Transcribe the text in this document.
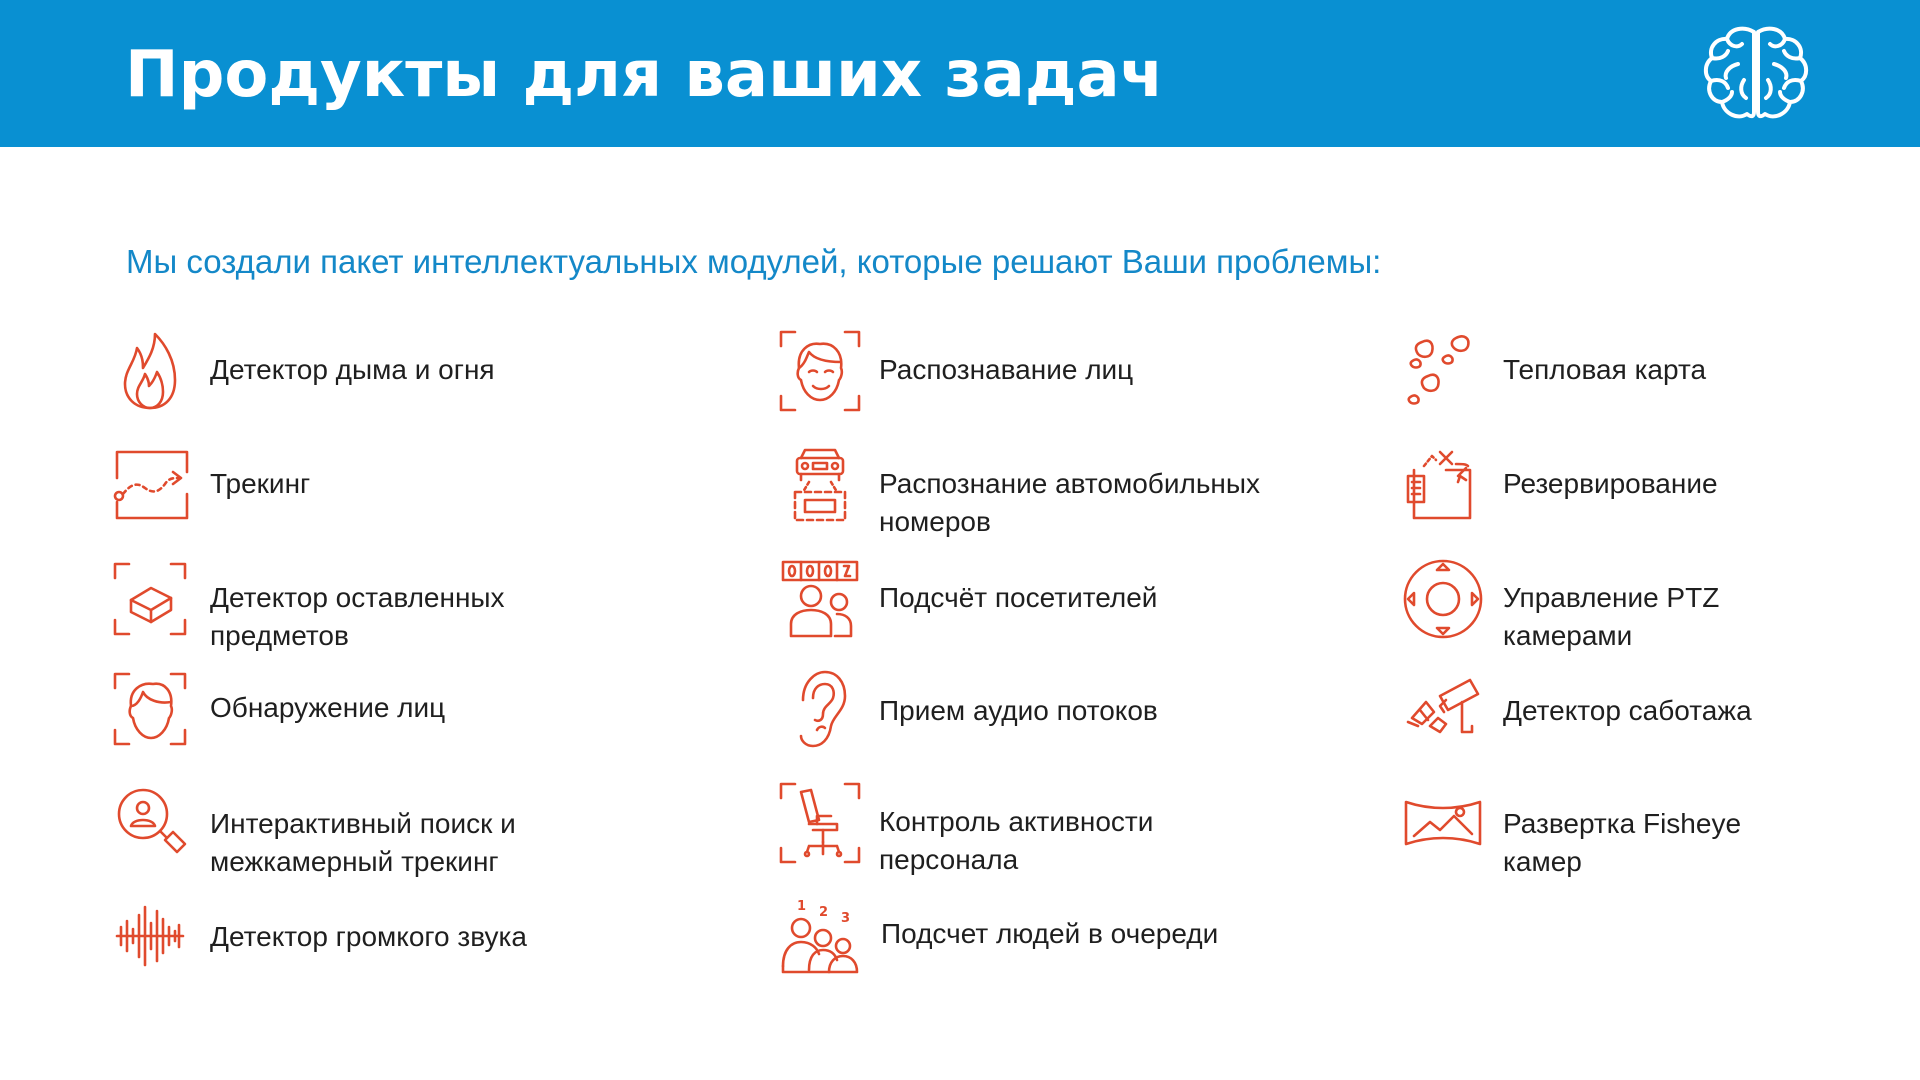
Продукты для ваших задач
Мы создали пакет интеллектуальных модулей, которые решают Ваши проблемы:
Детектор дыма и огня
Трекинг
Детектор оставленных
предметов
Обнаружение лиц
Интерактивный поиск и
межкамерный трекинг
Детектор громкого звука
Распознавание лиц
Распознание автомобильных
номеров
Подсчёт посетителей
Прием аудио потоков
Контроль активности
персонала
1 2 3 Подсчет людей в очереди
Тепловая карта
Резервирование
Управление PTZ
камерами
Детектор саботажа
Развертка Fisheye
камер
